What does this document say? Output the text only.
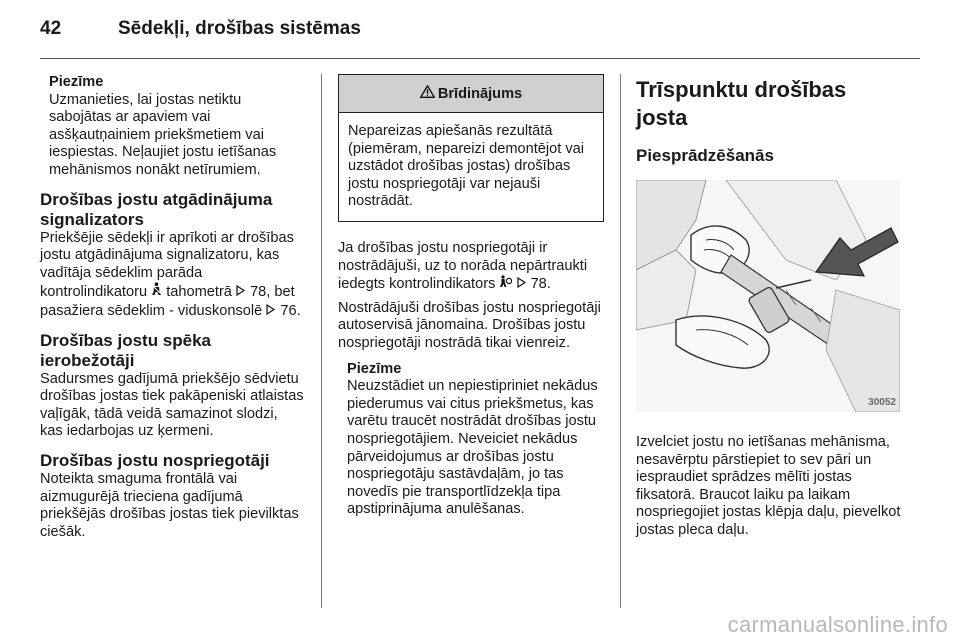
42	Sēdekļi, drošības sistēmas
Piezīme
Uzmanieties, lai jostas netiktu sabojātas ar apaviem vai asšķautņainiem priekšmetiem vai iespiestas. Neļaujiet jostu ietīšanas mehānismos nonākt netīrumiem.
Drošības jostu atgādinājuma signalizators
Priekšējie sēdekļi ir aprīkoti ar drošības jostu atgādinājuma signalizatoru, kas vadītāja sēdeklim parāda kontrolindikatoru tahometrā 78, bet pasažiera sēdeklim - viduskonsolē 76.
Drošības jostu spēka ierobežotāji
Sadursmes gadījumā priekšējo sēdvietu drošības jostas tiek pakāpeniski atlaistas vaļīgāk, tādā veidā samazinot slodzi, kas iedarbojas uz ķermeni.
Drošības jostu nospriegotāji
Noteikta smaguma frontālā vai aizmugurējā trieciena gadījumā priekšējās drošības jostas tiek pievilktas ciešāk.
Brīdinājums
Nepareizas apiešanās rezultātā (piemēram, nepareizi demontējot vai uzstādot drošības jostas) drošības jostu nospriegotāji var nejauši nostrādāt.
Ja drošības jostu nospriegotāji ir nostrādājuši, uz to norāda nepārtraukti iedegts kontrolindikators 78.
Nostrādājuši drošības jostu nospriegotāji autoservisā jānomaina. Drošības jostu nospriegotāji nostrādā tikai vienreiz.
Piezīme
Neuzstādiet un nepiestipriniet nekādus piederumus vai citus priekšmetus, kas varētu traucēt nostrādāt drošības jostu nospriegotājiem. Neveiciet nekādus pārveidojumus ar drošības jostu nospriegotāju sastāvdaļām, jo tas novedīs pie transportlīdzekļa tipa apstiprinājuma anulēšanas.
Trīspunktu drošības josta
Piesprādzēšanās
30052
Izvelciet jostu no ietīšanas mehānisma, nesavērptu pārstiepiet to sev pāri un iespraudiet sprādzes mēlīti jostas fiksatorā. Braucot laiku pa laikam nospriegojiet jostas klēpja daļu, pievelkot jostas pleca daļu.
carmanualsonline.info
